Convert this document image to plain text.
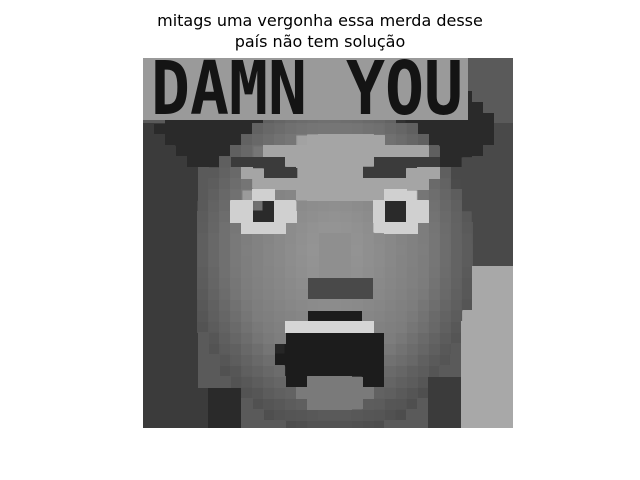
mitags uma vergonha essa merda desse
país não tem solução
DAMN YOU
